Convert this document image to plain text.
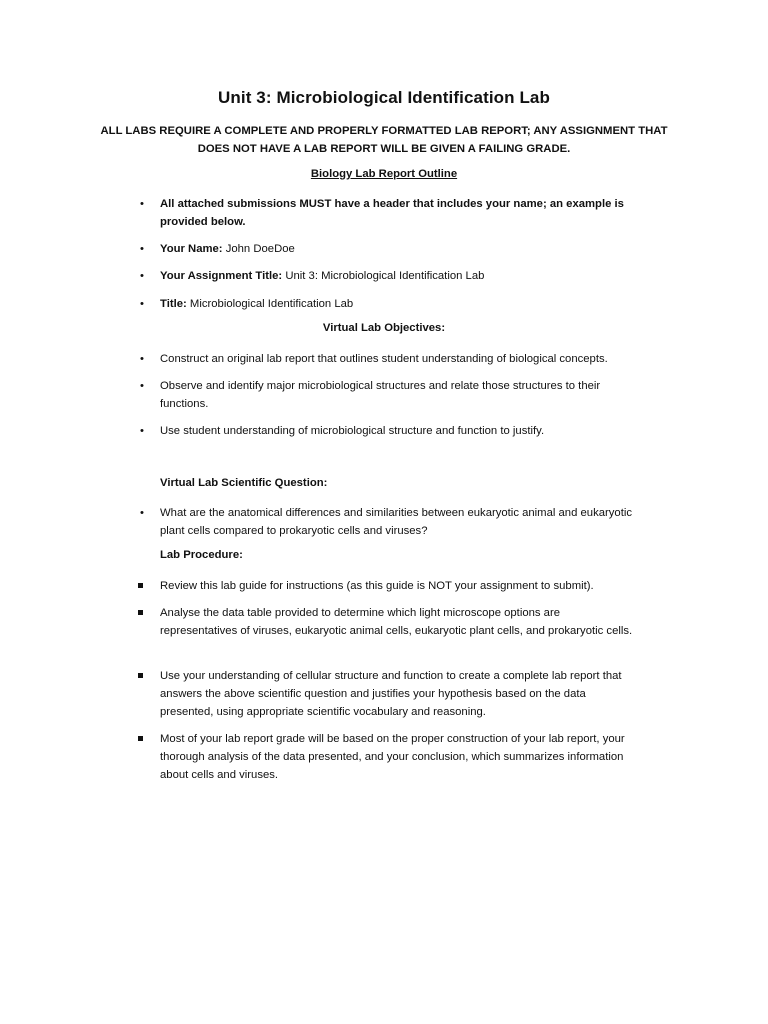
Unit 3: Microbiological Identification Lab
ALL LABS REQUIRE A COMPLETE AND PROPERLY FORMATTED LAB REPORT; ANY ASSIGNMENT THAT DOES NOT HAVE A LAB REPORT WILL BE GIVEN A FAILING GRADE.
Biology Lab Report Outline
•	All attached submissions MUST have a header that includes your name; an example is provided below.
•	Your Name: John DoeDoe
•	Your Assignment Title: Unit 3: Microbiological Identification Lab
•	Title: Microbiological Identification Lab
Virtual Lab Objectives:
•	Construct an original lab report that outlines student understanding of biological concepts.
•	Observe and identify major microbiological structures and relate those structures to their functions.
•	Use student understanding of microbiological structure and function to justify.
Virtual Lab Scientific Question:
•	What are the anatomical differences and similarities between eukaryotic animal and eukaryotic plant cells compared to prokaryotic cells and viruses?
Lab Procedure:
Review this lab guide for instructions (as this guide is NOT your assignment to submit).
Analyse the data table provided to determine which light microscope options are representatives of viruses, eukaryotic animal cells, eukaryotic plant cells, and prokaryotic cells.
Use your understanding of cellular structure and function to create a complete lab report that answers the above scientific question and justifies your hypothesis based on the data presented, using appropriate scientific vocabulary and reasoning.
Most of your lab report grade will be based on the proper construction of your lab report, your thorough analysis of the data presented, and your conclusion, which summarizes information about cells and viruses.
